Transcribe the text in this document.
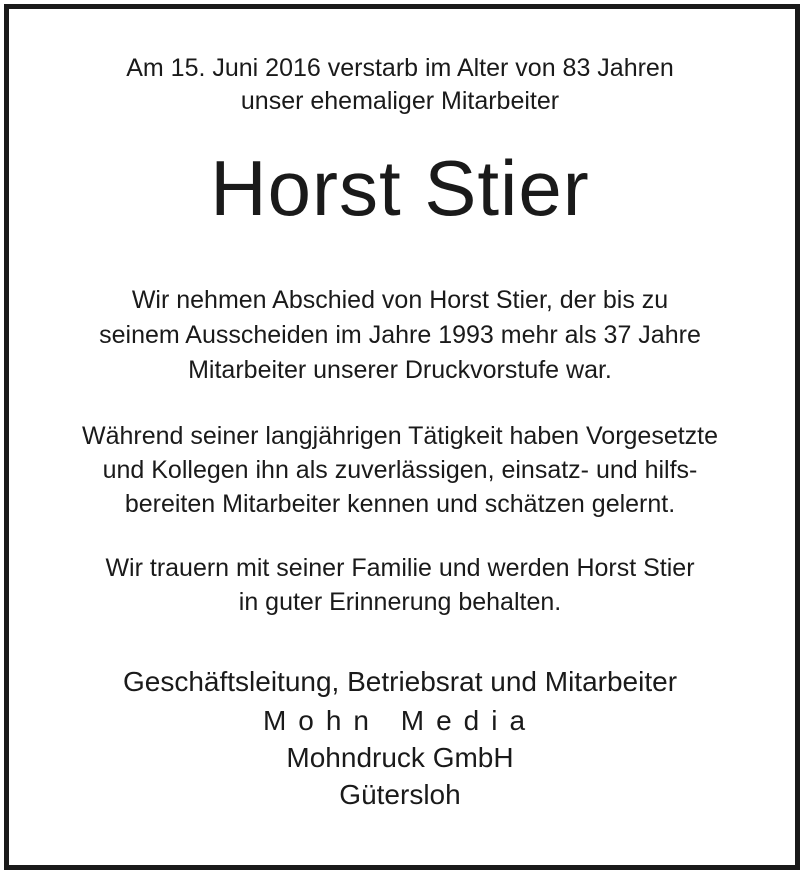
Am 15. Juni 2016 verstarb im Alter von 83 Jahren
unser ehemaliger Mitarbeiter
Horst Stier
Wir nehmen Abschied von Horst Stier, der bis zu
seinem Ausscheiden im Jahre 1993 mehr als 37 Jahre
Mitarbeiter unserer Druckvorstufe war.
Während seiner langjährigen Tätigkeit haben Vorgesetzte
und Kollegen ihn als zuverlässigen, einsatz- und hilfs-
bereiten Mitarbeiter kennen und schätzen gelernt.
Wir trauern mit seiner Familie und werden Horst Stier
in guter Erinnerung behalten.
Geschäftsleitung, Betriebsrat und Mitarbeiter
Mohn Media
Mohndruck GmbH
Gütersloh
